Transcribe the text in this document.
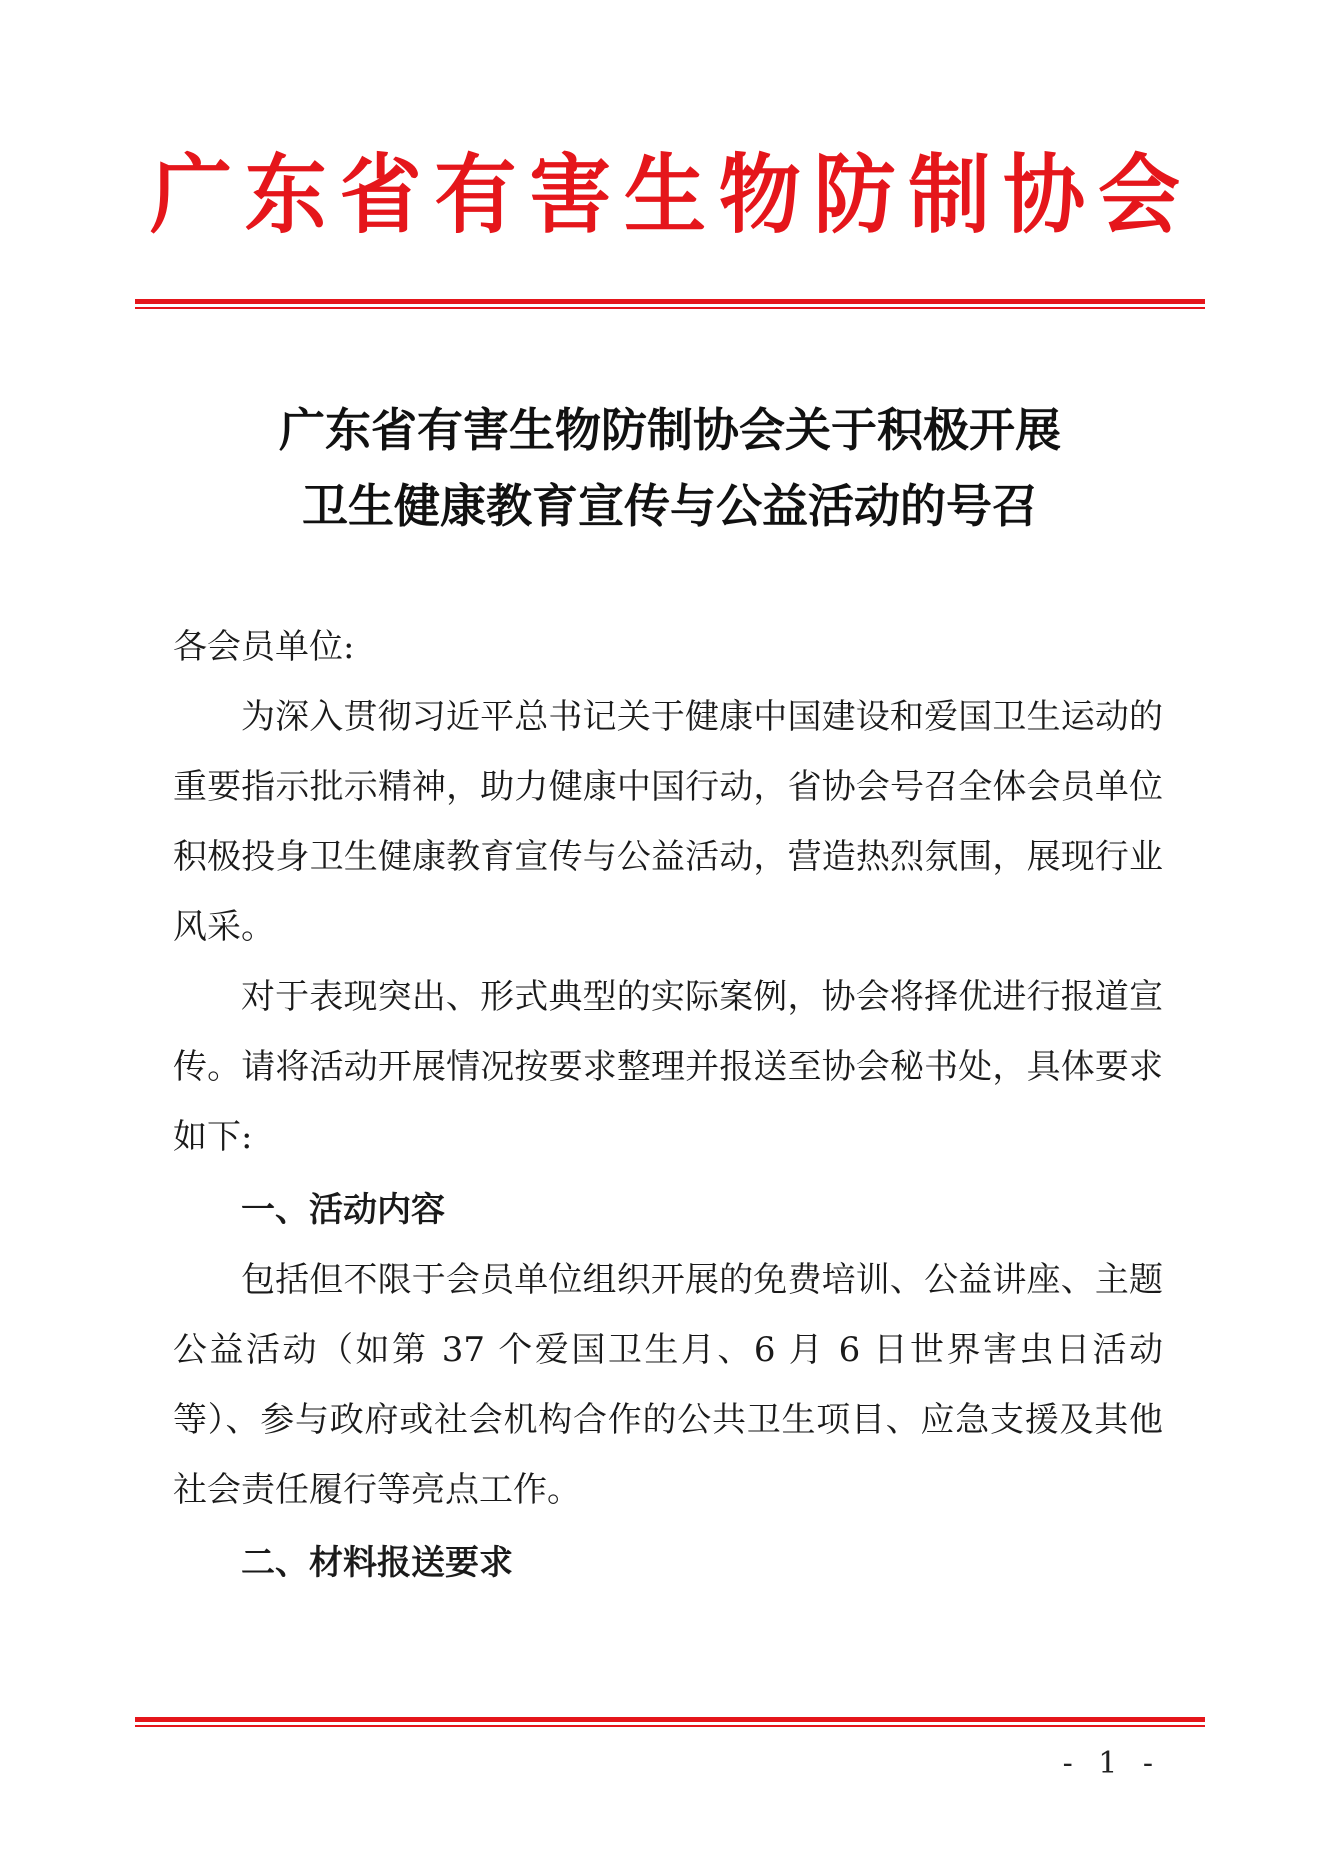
广 东 省 有 害 生 物 防 制 协 会
广东省有害生物防制协会关于积极开展
卫生健康教育宣传与公益活动的号召

各会员单位:

为深入贯彻习近平总书记关于健康中国建设和爱国卫生运动的重要指示批示精神，助力健康中国行动，省协会号召全体会员单位积极投身卫生健康教育宣传与公益活动，营造热烈氛围，展现行业风采。

对于表现突出、形式典型的实际案例，协会将择优进行报道宣传。请将活动开展情况按要求整理并报送至协会秘书处，具体要求如下:

一、活动内容

包括但不限于会员单位组织开展的免费培训、公益讲座、主题公益活动（如第 37 个爱国卫生月、6 月 6 日世界害虫日活动等）、参与政府或社会机构合作的公共卫生项目、应急支援及其他社会责任履行等亮点工作。

二、材料报送要求

- 1 -
